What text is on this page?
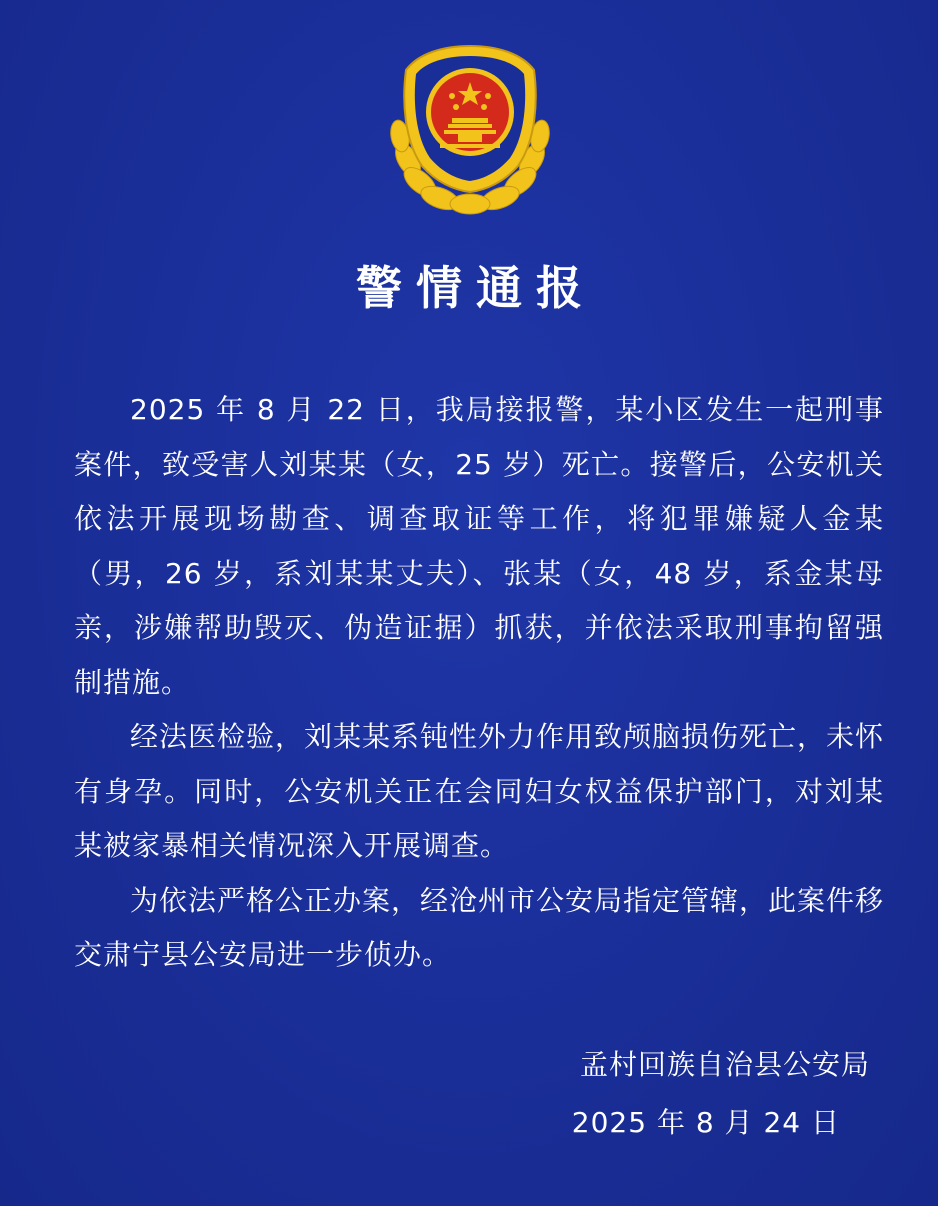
警情通报

2025 年 8 月 22 日，我局接报警，某小区发生一起刑事案件，致受害人刘某某（女，25 岁）死亡。接警后，公安机关依法开展现场勘查、调查取证等工作，将犯罪嫌疑人金某（男，26 岁，系刘某某丈夫）、张某（女，48 岁，系金某母亲，涉嫌帮助毁灭、伪造证据）抓获，并依法采取刑事拘留强制措施。

经法医检验，刘某某系钝性外力作用致颅脑损伤死亡，未怀有身孕。同时，公安机关正在会同妇女权益保护部门，对刘某某被家暴相关情况深入开展调查。

为依法严格公正办案，经沧州市公安局指定管辖，此案件移交肃宁县公安局进一步侦办。

孟村回族自治县公安局
2025 年 8 月 24 日
